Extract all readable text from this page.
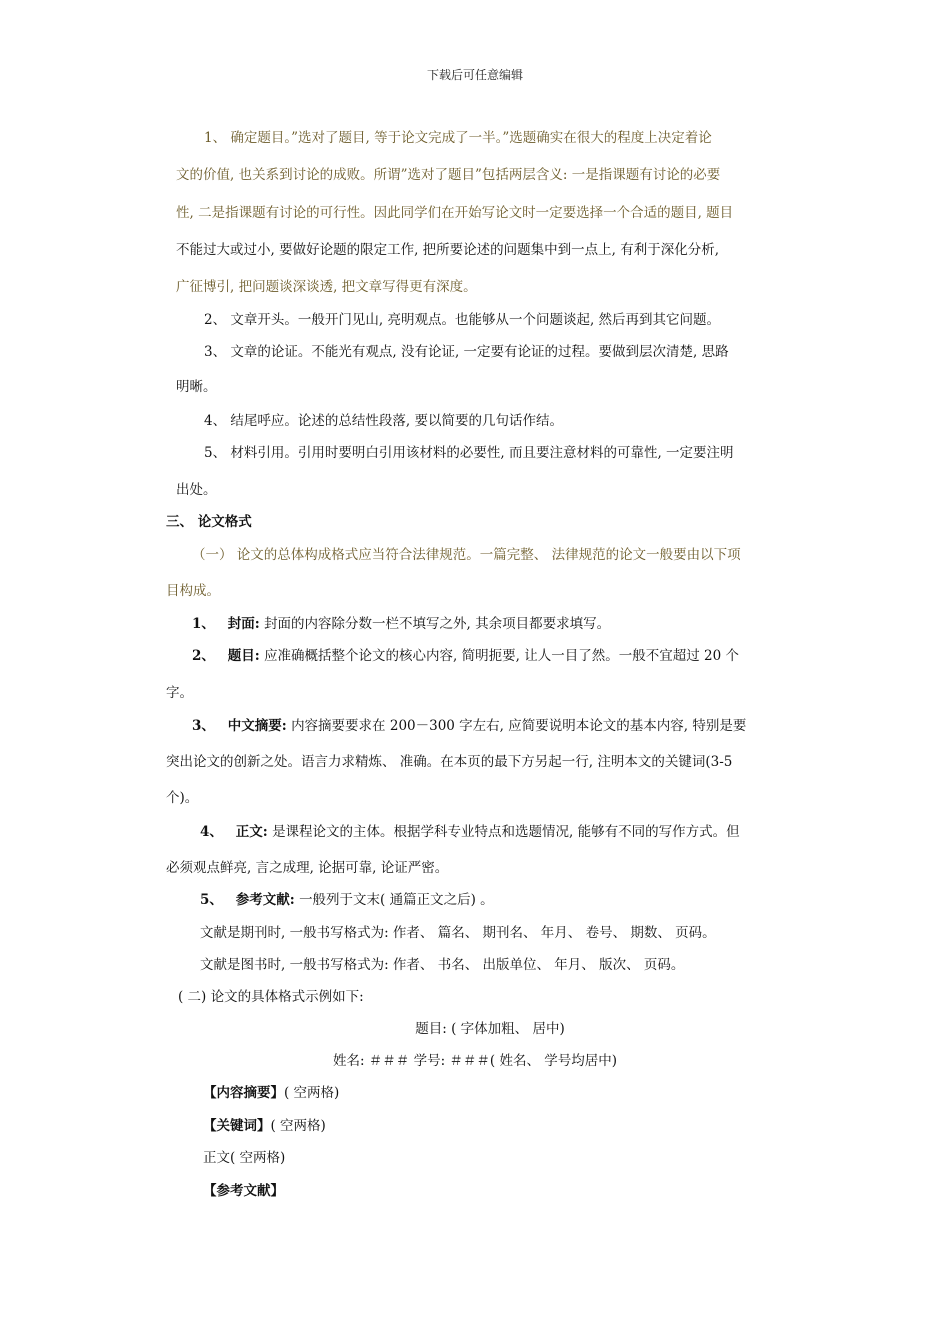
下载后可任意编辑
1、 确定题目。”选对了题目, 等于论文完成了一半。”选题确实在很大的程度上决定着论
文的价值, 也关系到讨论的成败。所谓”选对了题目”包括两层含义: 一是指课题有讨论的必要
性, 二是指课题有讨论的可行性。因此同学们在开始写论文时一定要选择一个合适的题目, 题目
不能过大或过小, 要做好论题的限定工作, 把所要论述的问题集中到一点上, 有利于深化分析,
广征博引, 把问题谈深谈透, 把文章写得更有深度。
2、 文章开头。一般开门见山, 亮明观点。也能够从一个问题谈起, 然后再到其它问题。
3、 文章的论证。不能光有观点, 没有论证, 一定要有论证的过程。要做到层次清楚, 思路
明晰。
4、 结尾呼应。论述的总结性段落, 要以简要的几句话作结。
5、 材料引用。引用时要明白引用该材料的必要性, 而且要注意材料的可靠性, 一定要注明
出处。
三、 论文格式
（一） 论文的总体构成格式应当符合法律规范。一篇完整、 法律规范的论文一般要由以下项
目构成。
1、 封面: 封面的内容除分数一栏不填写之外, 其余项目都要求填写。
2、 题目: 应准确概括整个论文的核心内容, 简明扼要, 让人一目了然。一般不宜超过 20 个
字。
3、 中文摘要: 内容摘要要求在 200－300 字左右, 应简要说明本论文的基本内容, 特别是要
突出论文的创新之处。语言力求精炼、 准确。在本页的最下方另起一行, 注明本文的关键词(3-5
个)。
4、 正文: 是课程论文的主体。根据学科专业特点和选题情况, 能够有不同的写作方式。但
必须观点鲜亮, 言之成理, 论据可靠, 论证严密。
5、 参考文献: 一般列于文末( 通篇正文之后) 。
文献是期刊时, 一般书写格式为: 作者、 篇名、 期刊名、 年月、 卷号、 期数、 页码。
文献是图书时, 一般书写格式为: 作者、 书名、 出版单位、 年月、 版次、 页码。
( 二) 论文的具体格式示例如下:
题目: ( 字体加粗、 居中)
姓名: ＃＃＃ 学号: ＃＃＃( 姓名、 学号均居中)
【内容摘要】( 空两格)
【关键词】( 空两格)
正文( 空两格)
【参考文献】
